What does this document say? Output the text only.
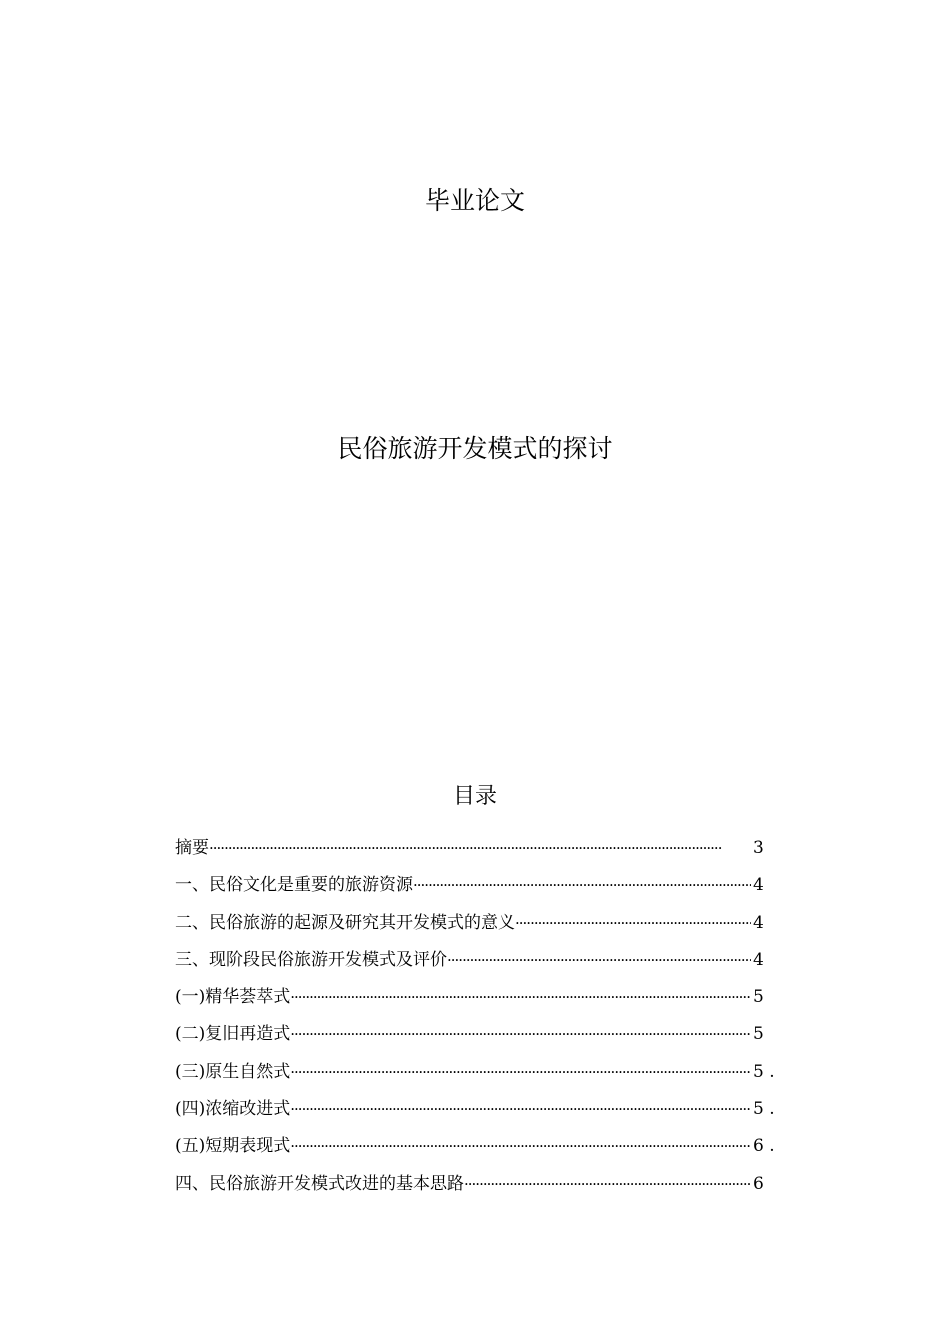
毕业论文
民俗旅游开发模式的探讨
目录
摘要 ·····	3
一、民俗文化是重要的旅游资源 ·····	4
二、民俗旅游的起源及研究其开发模式的意义 ·····	4
三、现阶段民俗旅游开发模式及评价 ·····	4
(一)精华荟萃式 ·····	5
(二)复旧再造式 ·····	5
(三)原生自然式 ·····	5 .
(四)浓缩改进式 ·····	5 .
(五)短期表现式 ·····	6 .
四、民俗旅游开发模式改进的基本思路 ·····	6
